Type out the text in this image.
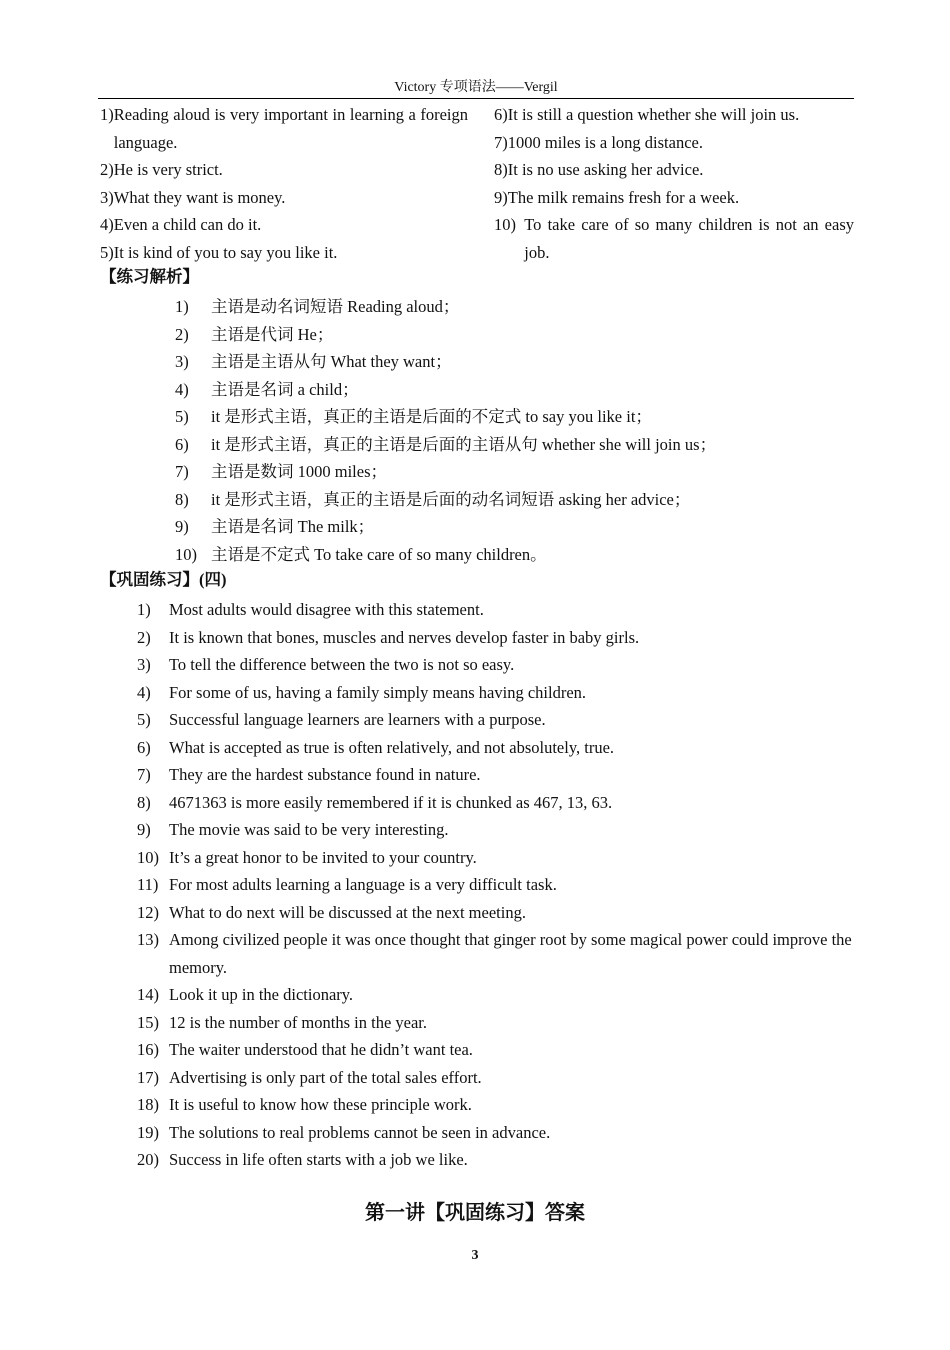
Victory 专项语法——Vergil
1) Reading aloud is very important in learning a foreign language.
2) He is very strict.
3) What they want is money.
4) Even a child can do it.
5) It is kind of you to say you like it.
6) It is still a question whether she will join us.
7) 1000 miles is a long distance.
8) It is no use asking her advice.
9) The milk remains fresh for a week.
10) To take care of so many children is not an easy job.
【练习解析】
1)	主语是动名词短语 Reading aloud；
2)	主语是代词 He；
3)	主语是主语从句 What they want；
4)	主语是名词 a child；
5)	it 是形式主语，真正的主语是后面的不定式 to say you like it；
6)	it 是形式主语，真正的主语是后面的主语从句 whether she will join us；
7)	主语是数词 1000 miles；
8)	it 是形式主语，真正的主语是后面的动名词短语 asking her advice；
9)	主语是名词 The milk；
10) 主语是不定式 To take care of so many children。
【巩固练习】(四)
1)	Most adults would disagree with this statement.
2)	It is known that bones, muscles and nerves develop faster in baby girls.
3)	To tell the difference between the two is not so easy.
4)	For some of us, having a family simply means having children.
5)	Successful language learners are learners with a purpose.
6)	What is accepted as true is often relatively, and not absolutely, true.
7)	They are the hardest substance found in nature.
8)	4671363 is more easily remembered if it is chunked as 467, 13, 63.
9)	The movie was said to be very interesting.
10) It’s a great honor to be invited to your country.
11) For most adults learning a language is a very difficult task.
12) What to do next will be discussed at the next meeting.
13) Among civilized people it was once thought that ginger root by some magical power could improve the memory.
14) Look it up in the dictionary.
15) 12 is the number of months in the year.
16) The waiter understood that he didn’t want tea.
17) Advertising is only part of the total sales effort.
18) It is useful to know how these principle work.
19) The solutions to real problems cannot be seen in advance.
20) Success in life often starts with a job we like.
第一讲【巩固练习】答案
3
